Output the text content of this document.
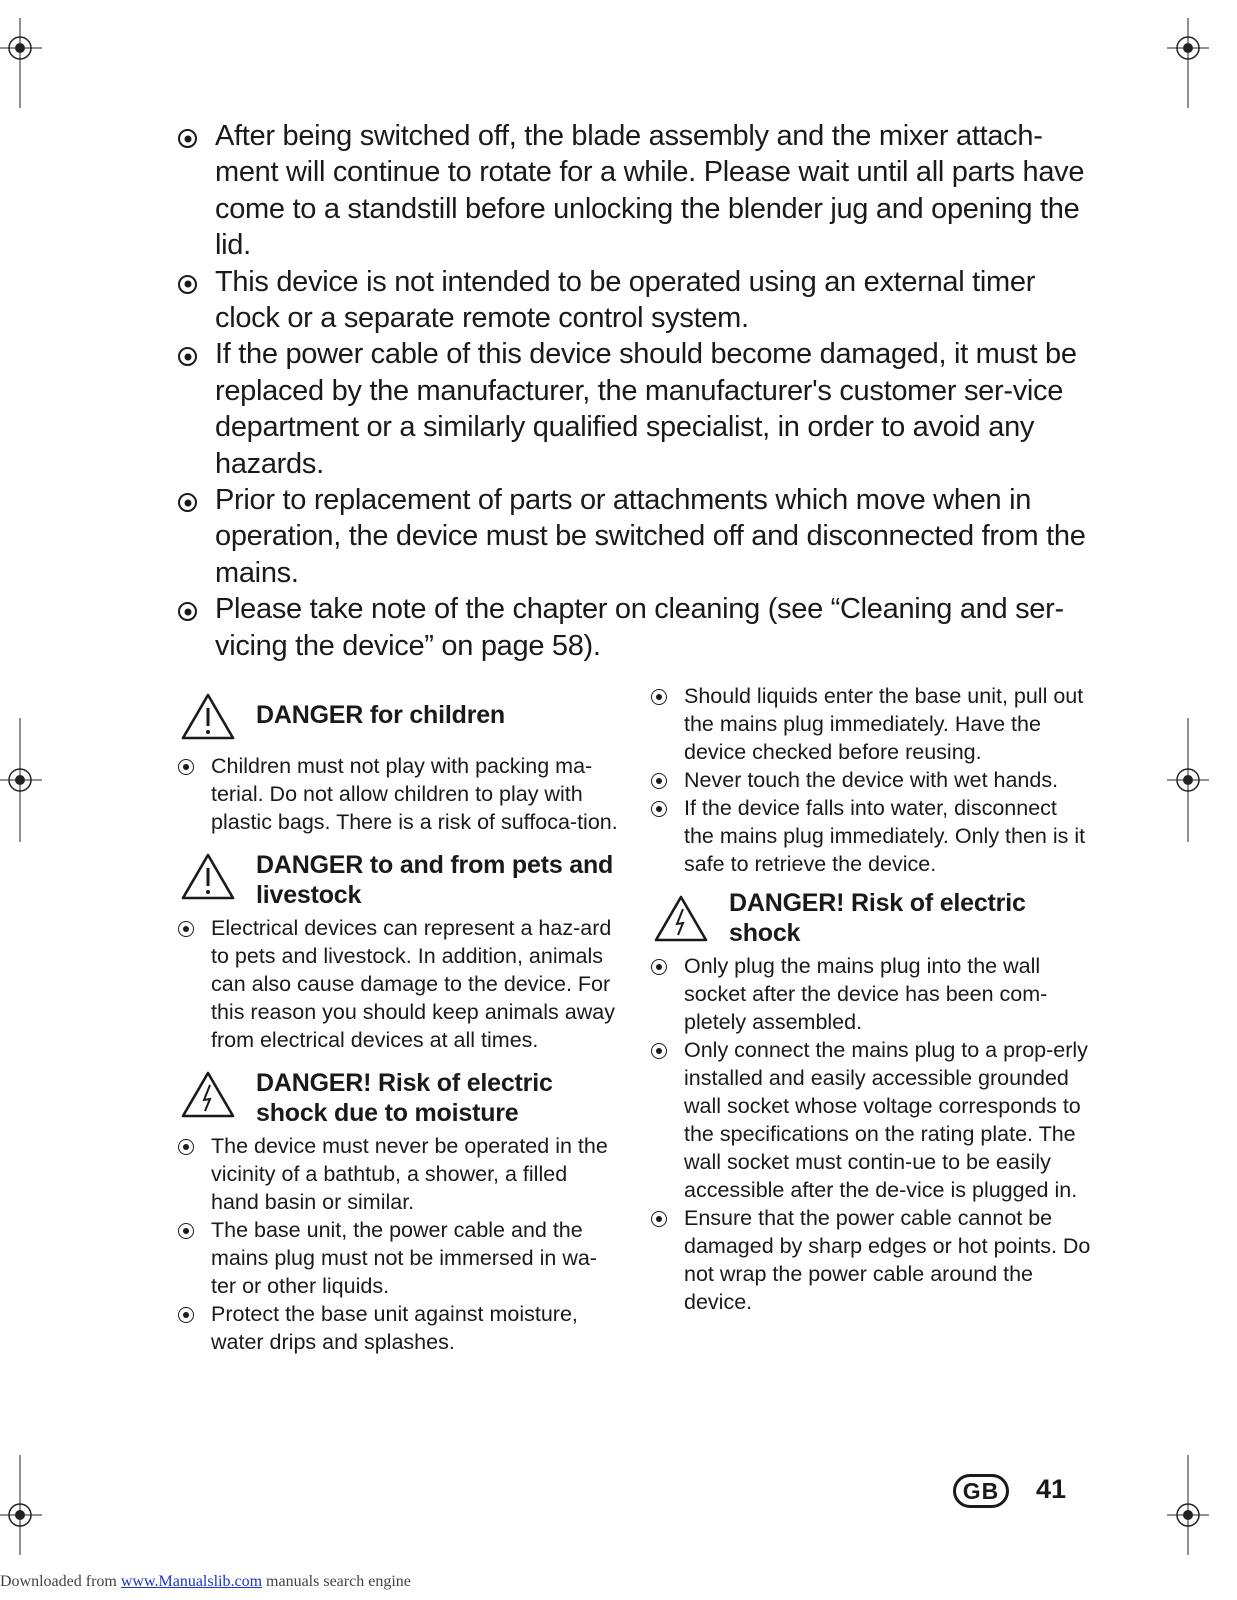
After being switched off, the blade assembly and the mixer attach-ment will continue to rotate for a while. Please wait until all parts have come to a standstill before unlocking the blender jug and opening the lid.
This device is not intended to be operated using an external timer clock or a separate remote control system.
If the power cable of this device should become damaged, it must be replaced by the manufacturer, the manufacturer's customer ser-vice department or a similarly qualified specialist, in order to avoid any hazards.
Prior to replacement of parts or attachments which move when in operation, the device must be switched off and disconnected from the mains.
Please take note of the chapter on cleaning (see “Cleaning and ser-vicing the device” on page 58).
DANGER for children
Children must not play with packing ma-terial. Do not allow children to play with plastic bags. There is a risk of suffoca-tion.
DANGER to and from pets and livestock
Electrical devices can represent a haz-ard to pets and livestock. In addition, animals can also cause damage to the device. For this reason you should keep animals away from electrical devices at all times.
DANGER! Risk of electric shock due to moisture
The device must never be operated in the vicinity of a bathtub, a shower, a filled hand basin or similar.
The base unit, the power cable and the mains plug must not be immersed in wa-ter or other liquids.
Protect the base unit against moisture, water drips and splashes.
Should liquids enter the base unit, pull out the mains plug immediately. Have the device checked before reusing.
Never touch the device with wet hands.
If the device falls into water, disconnect the mains plug immediately. Only then is it safe to retrieve the device.
DANGER! Risk of electric shock
Only plug the mains plug into the wall socket after the device has been com-pletely assembled.
Only connect the mains plug to a prop-erly installed and easily accessible grounded wall socket whose voltage corresponds to the specifications on the rating plate. The wall socket must contin-ue to be easily accessible after the de-vice is plugged in.
Ensure that the power cable cannot be damaged by sharp edges or hot points. Do not wrap the power cable around the device.
GB	41
Downloaded from www.Manualslib.com manuals search engine
